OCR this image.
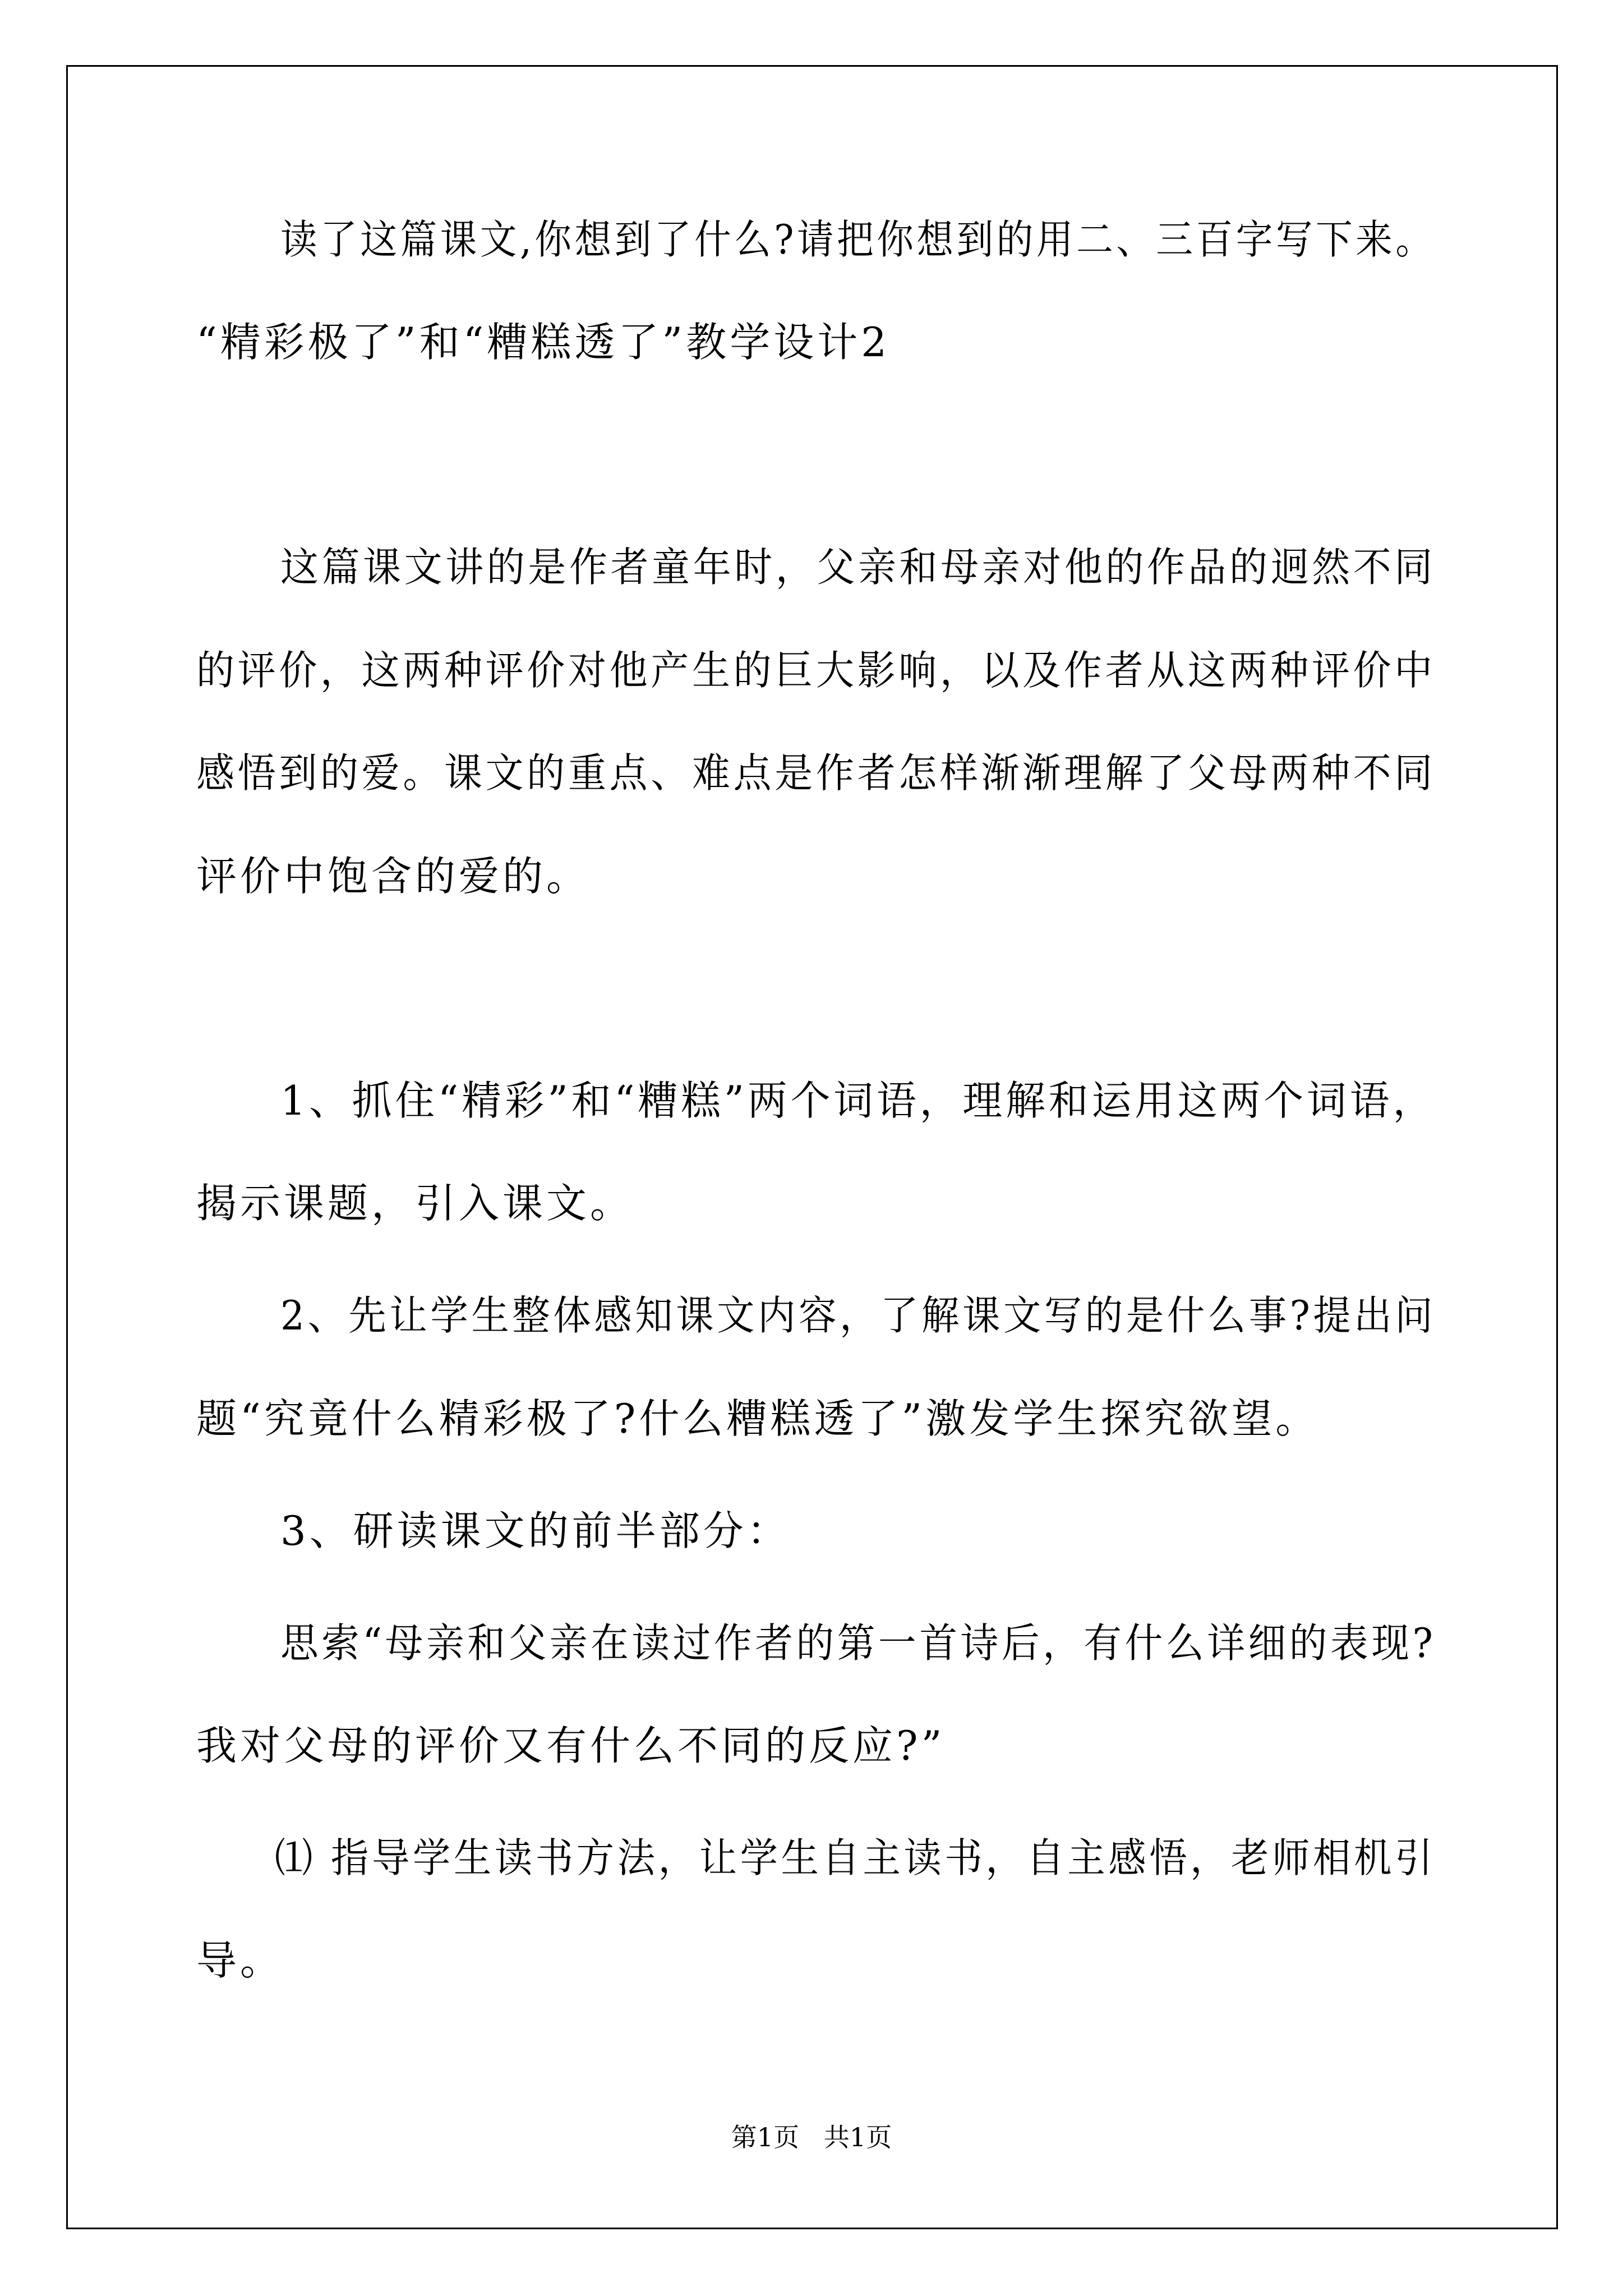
读了这篇课文,你想到了什么?请把你想到的用二、三百字写下来。
“精彩极了”和“糟糕透了”教学设计2
这篇课文讲的是作者童年时，父亲和母亲对他的作品的迥然不同
的评价，这两种评价对他产生的巨大影响，以及作者从这两种评价中
感悟到的爱。课文的重点、难点是作者怎样渐渐理解了父母两种不同
评价中饱含的爱的。
1、抓住“精彩”和“糟糕”两个词语，理解和运用这两个词语，
揭示课题，引入课文。
2、先让学生整体感知课文内容，了解课文写的是什么事?提出问
题“究竟什么精彩极了?什么糟糕透了”激发学生探究欲望。
3、研读课文的前半部分：
思索“母亲和父亲在读过作者的第一首诗后，有什么详细的表现?
我对父母的评价又有什么不同的反应?”
⑴ 指导学生读书方法，让学生自主读书，自主感悟，老师相机引
导。
第1页   共1页
